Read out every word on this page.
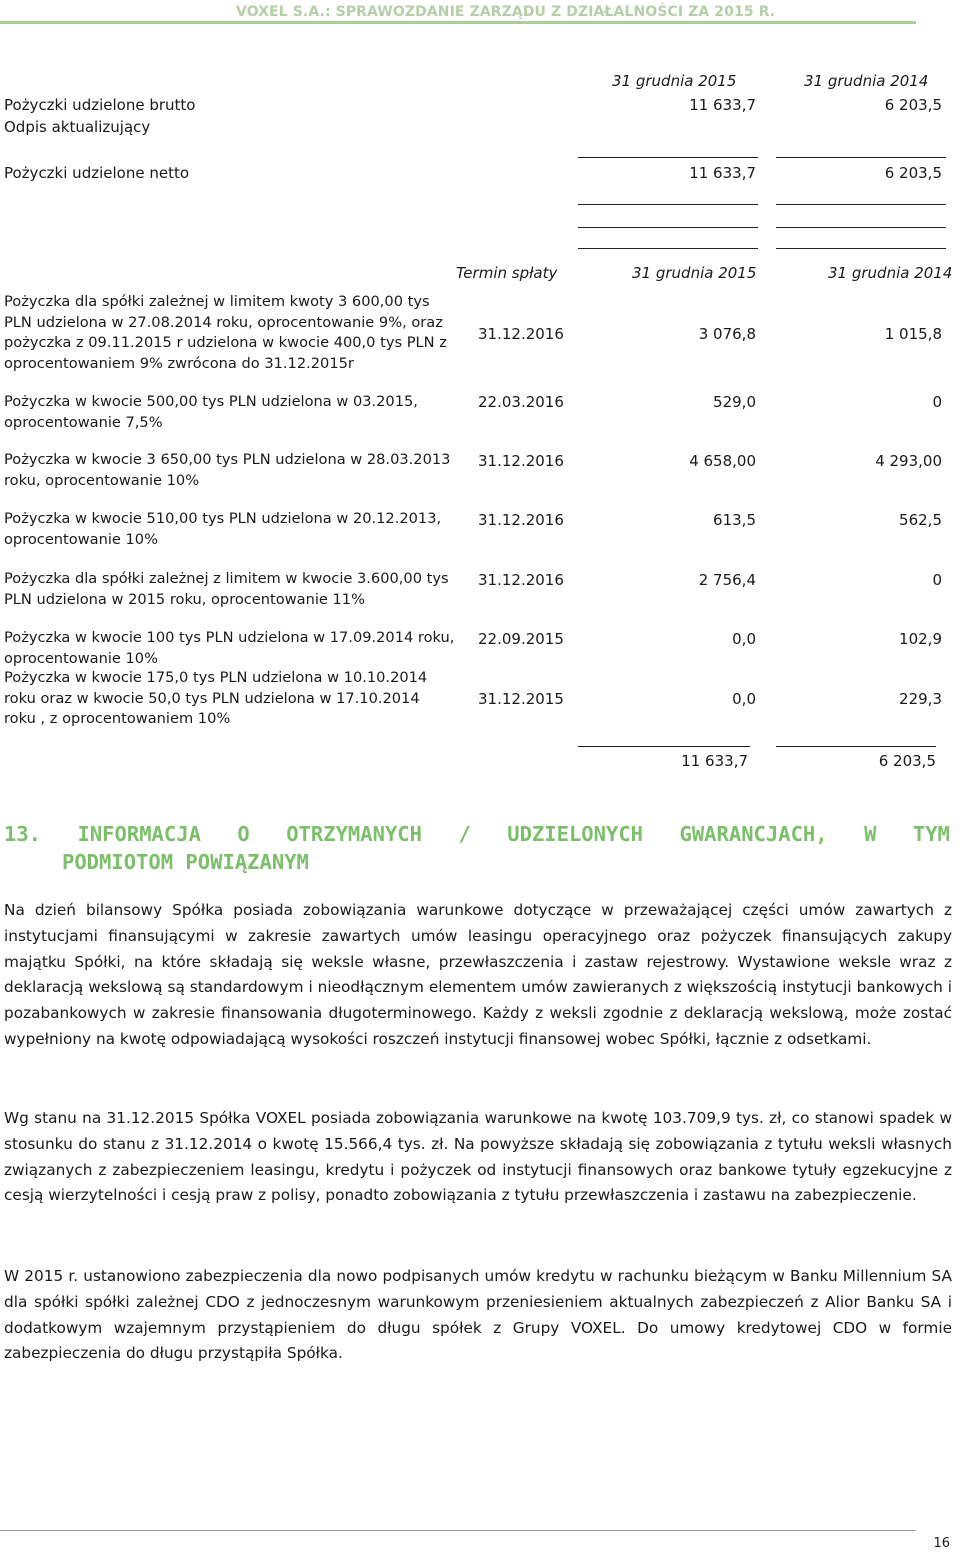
VOXEL S.A.: SPRAWOZDANIE ZARZĄDU Z DZIAŁALNOŚCI ZA 2015 R.
31 grudnia 2015	31 grudnia 2014
Pożyczki udzielone brutto	11 633,7	6 203,5
Odpis aktualizujący
Pożyczki udzielone netto	11 633,7	6 203,5
Termin spłaty	31 grudnia 2015	31 grudnia 2014
Pożyczka dla spółki zależnej w limitem kwoty 3 600,00 tys PLN udzielona w 27.08.2014 roku, oprocentowanie 9%, oraz pożyczka z 09.11.2015 r udzielona w kwocie 400,0 tys PLN z oprocentowaniem 9% zwrócona do 31.12.2015r
31.12.2016	3 076,8	1 015,8
Pożyczka w kwocie 500,00 tys PLN udzielona w 03.2015, oprocentowanie 7,5%
22.03.2016	529,0	0
Pożyczka w kwocie 3 650,00 tys PLN udzielona w 28.03.2013 roku, oprocentowanie 10%
31.12.2016	4 658,00	4 293,00
Pożyczka w kwocie 510,00 tys PLN udzielona w 20.12.2013, oprocentowanie 10%
31.12.2016	613,5	562,5
Pożyczka dla spółki zależnej z limitem w kwocie 3.600,00 tys PLN udzielona w 2015 roku, oprocentowanie 11%
31.12.2016	2 756,4	0
Pożyczka w kwocie 100 tys PLN udzielona w 17.09.2014 roku, oprocentowanie 10%
22.09.2015	0,0	102,9
Pożyczka w kwocie 175,0 tys PLN udzielona w 10.10.2014 roku oraz w kwocie 50,0 tys PLN udzielona w 17.10.2014 roku , z oprocentowaniem 10%
31.12.2015	0,0	229,3
11 633,7	6 203,5
13. INFORMACJA O OTRZYMANYCH / UDZIELONYCH GWARANCJACH, W TYM
PODMIOTOM POWIĄZANYM
Na dzień bilansowy Spółka posiada zobowiązania warunkowe dotyczące w przeważającej części umów zawartych z instytucjami finansującymi w zakresie zawartych umów leasingu operacyjnego oraz pożyczek finansujących zakupy majątku Spółki, na które składają się weksle własne, przewłaszczenia i zastaw rejestrowy. Wystawione weksle wraz z deklaracją wekslową są standardowym i nieodłącznym elementem umów zawieranych z większością instytucji bankowych i pozabankowych w zakresie finansowania długoterminowego. Każdy z weksli zgodnie z deklaracją wekslową, może zostać wypełniony na kwotę odpowiadającą wysokości roszczeń instytucji finansowej wobec Spółki, łącznie z odsetkami.
Wg stanu na 31.12.2015 Spółka VOXEL posiada zobowiązania warunkowe na kwotę 103.709,9 tys. zł, co stanowi spadek w stosunku do stanu z 31.12.2014 o kwotę 15.566,4 tys. zł. Na powyższe składają się zobowiązania z tytułu weksli własnych związanych z zabezpieczeniem leasingu, kredytu i pożyczek od instytucji finansowych oraz bankowe tytuły egzekucyjne z cesją wierzytelności i cesją praw z polisy, ponadto zobowiązania z tytułu przewłaszczenia i zastawu na zabezpieczenie.
W 2015 r. ustanowiono zabezpieczenia dla nowo podpisanych umów kredytu w rachunku bieżącym w Banku Millennium SA dla spółki spółki zależnej CDO z jednoczesnym warunkowym przeniesieniem aktualnych zabezpieczeń z Alior Banku SA i dodatkowym wzajemnym przystąpieniem do długu spółek z Grupy VOXEL. Do umowy kredytowej CDO w formie zabezpieczenia do długu przystąpiła Spółka.
16
